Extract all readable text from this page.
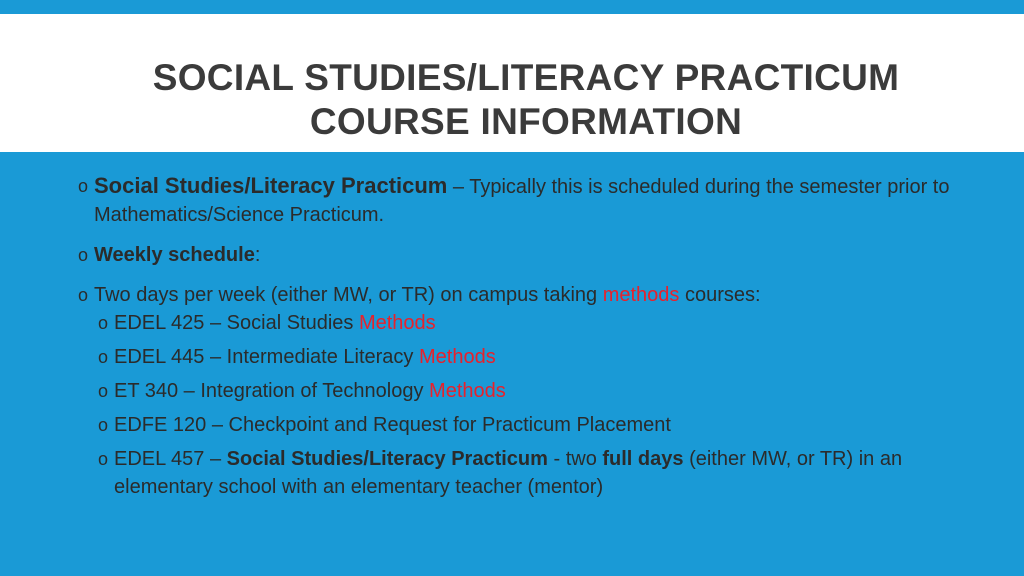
SOCIAL STUDIES/LITERACY PRACTICUM
COURSE INFORMATION
o Social Studies/Literacy Practicum – Typically this is scheduled during the semester prior to Mathematics/Science Practicum.
o Weekly schedule:
o Two days per week (either MW, or TR) on campus taking methods courses:
o EDEL 425 – Social Studies Methods
o EDEL 445 – Intermediate Literacy Methods
o ET 340 – Integration of Technology Methods
o EDFE 120 – Checkpoint and Request for Practicum Placement
o EDEL 457 – Social Studies/Literacy Practicum - two full days (either MW, or TR) in an elementary school with an elementary teacher (mentor)
